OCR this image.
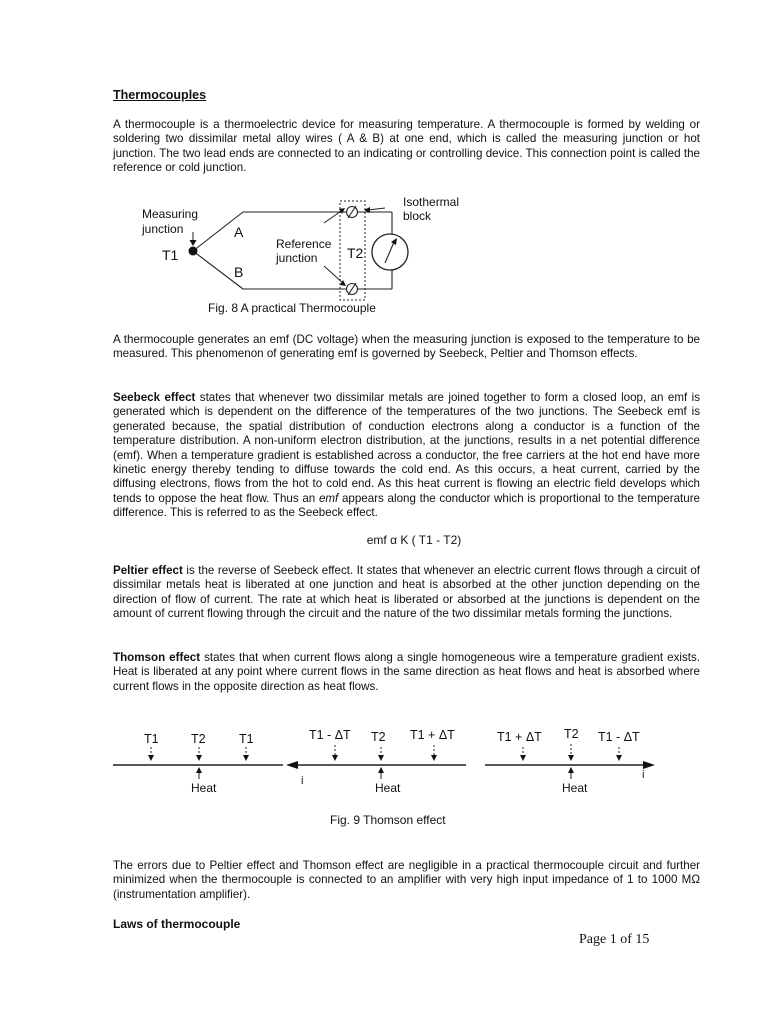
Thermocouples
A thermocouple is a thermoelectric device for measuring temperature. A thermocouple is formed by welding or soldering two dissimilar metal alloy wires ( A & B) at one end, which is called the measuring junction or hot junction. The two lead ends are connected to an indicating or controlling device. This connection point is called the reference or cold junction.
Measuring
junction	A
B
T1	T2
Reference
junction
Isothermal
block
Fig. 8 A practical Thermocouple
A thermocouple generates an emf (DC voltage) when the measuring junction is exposed to the temperature to be measured. This phenomenon of generating emf is governed by Seebeck, Peltier and Thomson effects.
Seebeck effect states that whenever two dissimilar metals are joined together to form a closed loop, an emf is generated which is dependent on the difference of the temperatures of the two junctions. The Seebeck emf is generated because, the spatial distribution of conduction electrons along a conductor is a function of the temperature distribution. A non-uniform electron distribution, at the junctions, results in a net potential difference (emf). When a temperature gradient is established across a conductor, the free carriers at the hot end have more kinetic energy thereby tending to diffuse towards the cold end. As this occurs, a heat current, carried by the diffusing electrons, flows from the hot to cold end. As this heat current is flowing an electric field develops which tends to oppose the heat flow. Thus an emf appears along the conductor which is proportional to the temperature difference. This is referred to as the Seebeck effect.
emf α K ( T1 - T2)
Peltier effect is the reverse of Seebeck effect. It states that whenever an electric current flows through a circuit of dissimilar metals heat is liberated at one junction and heat is absorbed at the other junction depending on the direction of flow of current. The rate at which heat is liberated or absorbed at the junctions is dependent on the amount of current flowing through the circuit and the nature of the two dissimilar metals forming the junctions.
Thomson effect states that when current flows along a single homogeneous wire a temperature gradient exists. Heat is liberated at any point where current flows in the same direction as heat flows and heat is absorbed where current flows in the opposite direction as heat flows.
T1	T2	T1
Heat	i
T1 - ΔT T2 T1 + ΔT
Heat
i
T1 + ΔT T2 T1 - ΔT
Heat
Fig. 9 Thomson effect
The errors due to Peltier effect and Thomson effect are negligible in a practical thermocouple circuit and further minimized when the thermocouple is connected to an amplifier with very high input impedance of 1 to 1000 MΩ (instrumentation amplifier).
Laws of thermocouple
Page 1 of 15
